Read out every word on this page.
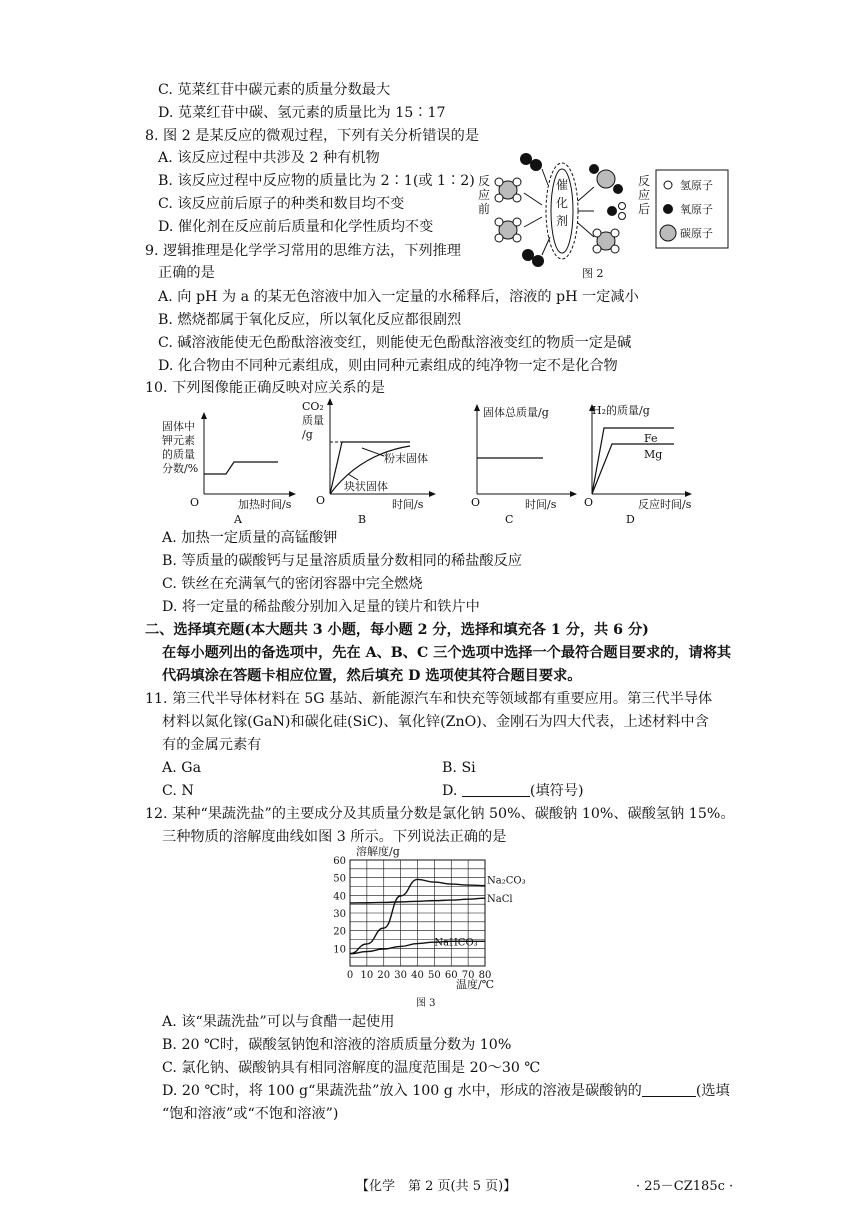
C. 苋菜红苷中碳元素的质量分数最大
D. 苋菜红苷中碳、氢元素的质量比为 15∶17
8. 图 2 是某反应的微观过程，下列有关分析错误的是
A. 该反应过程中共涉及 2 种有机物
B. 该反应过程中反应物的质量比为 2∶1(或 1∶2)
C. 该反应前后原子的种类和数目均不变
D. 催化剂在反应前后质量和化学性质均不变
反
应
前
催
化
剂
反
应
后
氢原子
氧原子
碳原子
图 2
9. 逻辑推理是化学学习常用的思维方法，下列推理
正确的是
A. 向 pH 为 a 的某无色溶液中加入一定量的水稀释后，溶液的 pH 一定减小
B. 燃烧都属于氧化反应，所以氧化反应都很剧烈
C. 碱溶液能使无色酚酞溶液变红，则能使无色酚酞溶液变红的物质一定是碱
D. 化合物由不同种元素组成，则由同种元素组成的纯净物一定不是化合物
10. 下列图像能正确反映对应关系的是
固体中
钾元素
的质量
分数/%
O	加热时间/s
A
CO₂
质量
/g
粉末固体
块状固体
O	时间/s
B
固体总质量/g
O	时间/s
C
H₂的质量/g
Fe
Mg
O	反应时间/s
D
A. 加热一定质量的高锰酸钾
B. 等质量的碳酸钙与足量溶质质量分数相同的稀盐酸反应
C. 铁丝在充满氧气的密闭容器中完全燃烧
D. 将一定量的稀盐酸分别加入足量的镁片和铁片中
二、选择填充题(本大题共 3 小题，每小题 2 分，选择和填充各 1 分，共 6 分)
在每小题列出的备选项中，先在 A、B、C 三个选项中选择一个最符合题目要求的，请将其
代码填涂在答题卡相应位置，然后填充 D 选项使其符合题目要求。
11. 第三代半导体材料在 5G 基站、新能源汽车和快充等领域都有重要应用。第三代半导体
材料以氮化镓(GaN)和碳化硅(SiC)、氧化锌(ZnO)、金刚石为四大代表，上述材料中含
有的金属元素有
A. Ga	B. Si
C. N	D.	(填符号)
12. 某种“果蔬洗盐”的主要成分及其质量分数是氯化钠 50%、碳酸钠 10%、碳酸氢钠 15%。
三种物质的溶解度曲线如图 3 所示。下列说法正确的是
溶解度/g
0 10 20 30 40 50 60 70 80
10
20
30
40
50
60
Na₂CO₃
NaCl
NaHCO₃
温度/℃
图 3
A. 该“果蔬洗盐”可以与食醋一起使用
B. 20 ℃时，碳酸氢钠饱和溶液的溶质质量分数为 10%
C. 氯化钠、碳酸钠具有相同溶解度的温度范围是 20～30 ℃
D. 20 ℃时，将 100 g“果蔬洗盐”放入 100 g 水中，形成的溶液是碳酸钠的	(选填
“饱和溶液”或“不饱和溶液”)
【化学　第 2 页(共 5 页)】	· 25－CZ185c ·
